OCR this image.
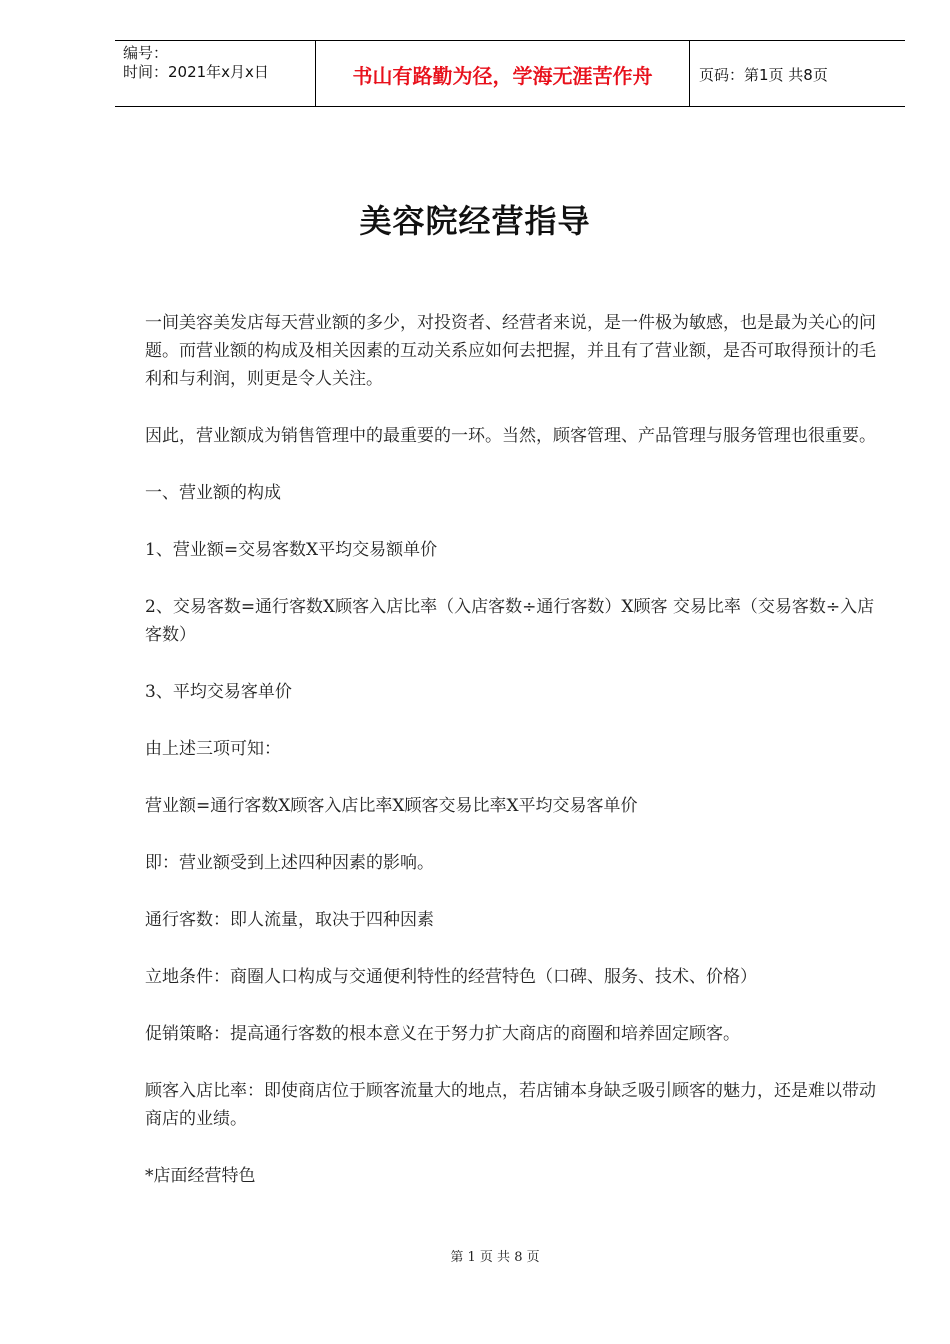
编号：
时间：2021年x月x日	书山有路勤为径，学海无涯苦作舟	页码：第1页 共8页
美容院经营指导

一间美容美发店每天营业额的多少，对投资者、经营者来说，是一件极为敏感，也是最为关心的问题。而营业额的构成及相关因素的互动关系应如何去把握，并且有了营业额，是否可取得预计的毛利和与利润，则更是令人关注。

因此，营业额成为销售管理中的最重要的一环。当然，顾客管理、产品管理与服务管理也很重要。

一、营业额的构成

1、营业额=交易客数X平均交易额单价

2、交易客数=通行客数X顾客入店比率（入店客数÷通行客数）X顾客 交易比率（交易客数÷入店客数）

3、平均交易客单价

由上述三项可知：

营业额=通行客数X顾客入店比率X顾客交易比率X平均交易客单价

即：营业额受到上述四种因素的影响。

通行客数：即人流量，取决于四种因素

立地条件：商圈人口构成与交通便利特性的经营特色（口碑、服务、技术、价格）

促销策略：提高通行客数的根本意义在于努力扩大商店的商圈和培养固定顾客。

顾客入店比率：即使商店位于顾客流量大的地点，若店铺本身缺乏吸引顾客的魅力，还是难以带动商店的业绩。

*店面经营特色

第 1 页 共 8 页
